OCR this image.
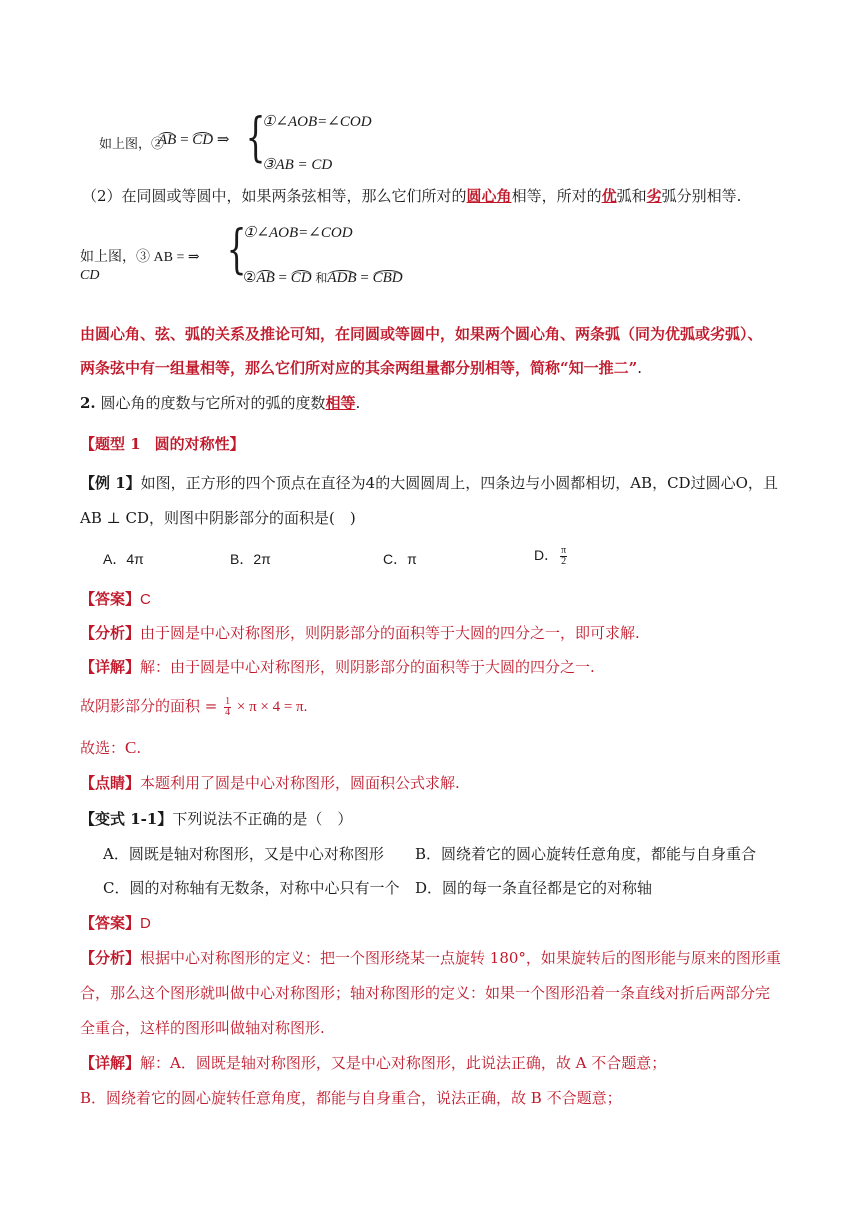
如上图，②
AB = CD ⇒ {
①∠AOB=∠COD
③AB = CD
（2）在同圆或等圆中，如果两条弦相等，那么它们所对的圆心角相等，所对的优弧和劣弧分别相等.
如上图，③ AB = ⇒
CD {
①∠AOB=∠COD
②AB = CD 和ADB = CBD
由圆心角、弦、弧的关系及推论可知，在同圆或等圆中，如果两个圆心角、两条弧（同为优弧或劣弧）、
两条弦中有一组量相等，那么它们所对应的其余两组量都分别相等，简称“知一推二”.
2. 圆心角的度数与它所对的弧的度数相等.
【题型 1 圆的对称性】
【例 1】如图，正方形的四个顶点在直径为4的大圆圆周上，四条边与小圆都相切，AB，CD过圆心O，且
AB ⊥ CD，则图中阴影部分的面积是(　)
A．4π	B．2π	C．π	D． $\frac{\pi}{2}$
【答案】C
【分析】由于圆是中心对称图形，则阴影部分的面积等于大圆的四分之一，即可求解.
【详解】解：由于圆是中心对称图形，则阴影部分的面积等于大圆的四分之一.
故阴影部分的面积 = $\frac{1}{4} \times \pi \times 4 = \pi$.
故选：C.
【点睛】本题利用了圆是中心对称图形，圆面积公式求解.
【变式 1-1】下列说法不正确的是（　）
A．圆既是轴对称图形，又是中心对称图形 B．圆绕着它的圆心旋转任意角度，都能与自身重合
C．圆的对称轴有无数条，对称中心只有一个 D．圆的每一条直径都是它的对称轴
【答案】D
【分析】根据中心对称图形的定义：把一个图形绕某一点旋转 180°，如果旋转后的图形能与原来的图形重
合，那么这个图形就叫做中心对称图形；轴对称图形的定义：如果一个图形沿着一条直线对折后两部分完
全重合，这样的图形叫做轴对称图形.
【详解】解：A．圆既是轴对称图形，又是中心对称图形，此说法正确，故 A 不合题意；
B．圆绕着它的圆心旋转任意角度，都能与自身重合，说法正确，故 B 不合题意；
